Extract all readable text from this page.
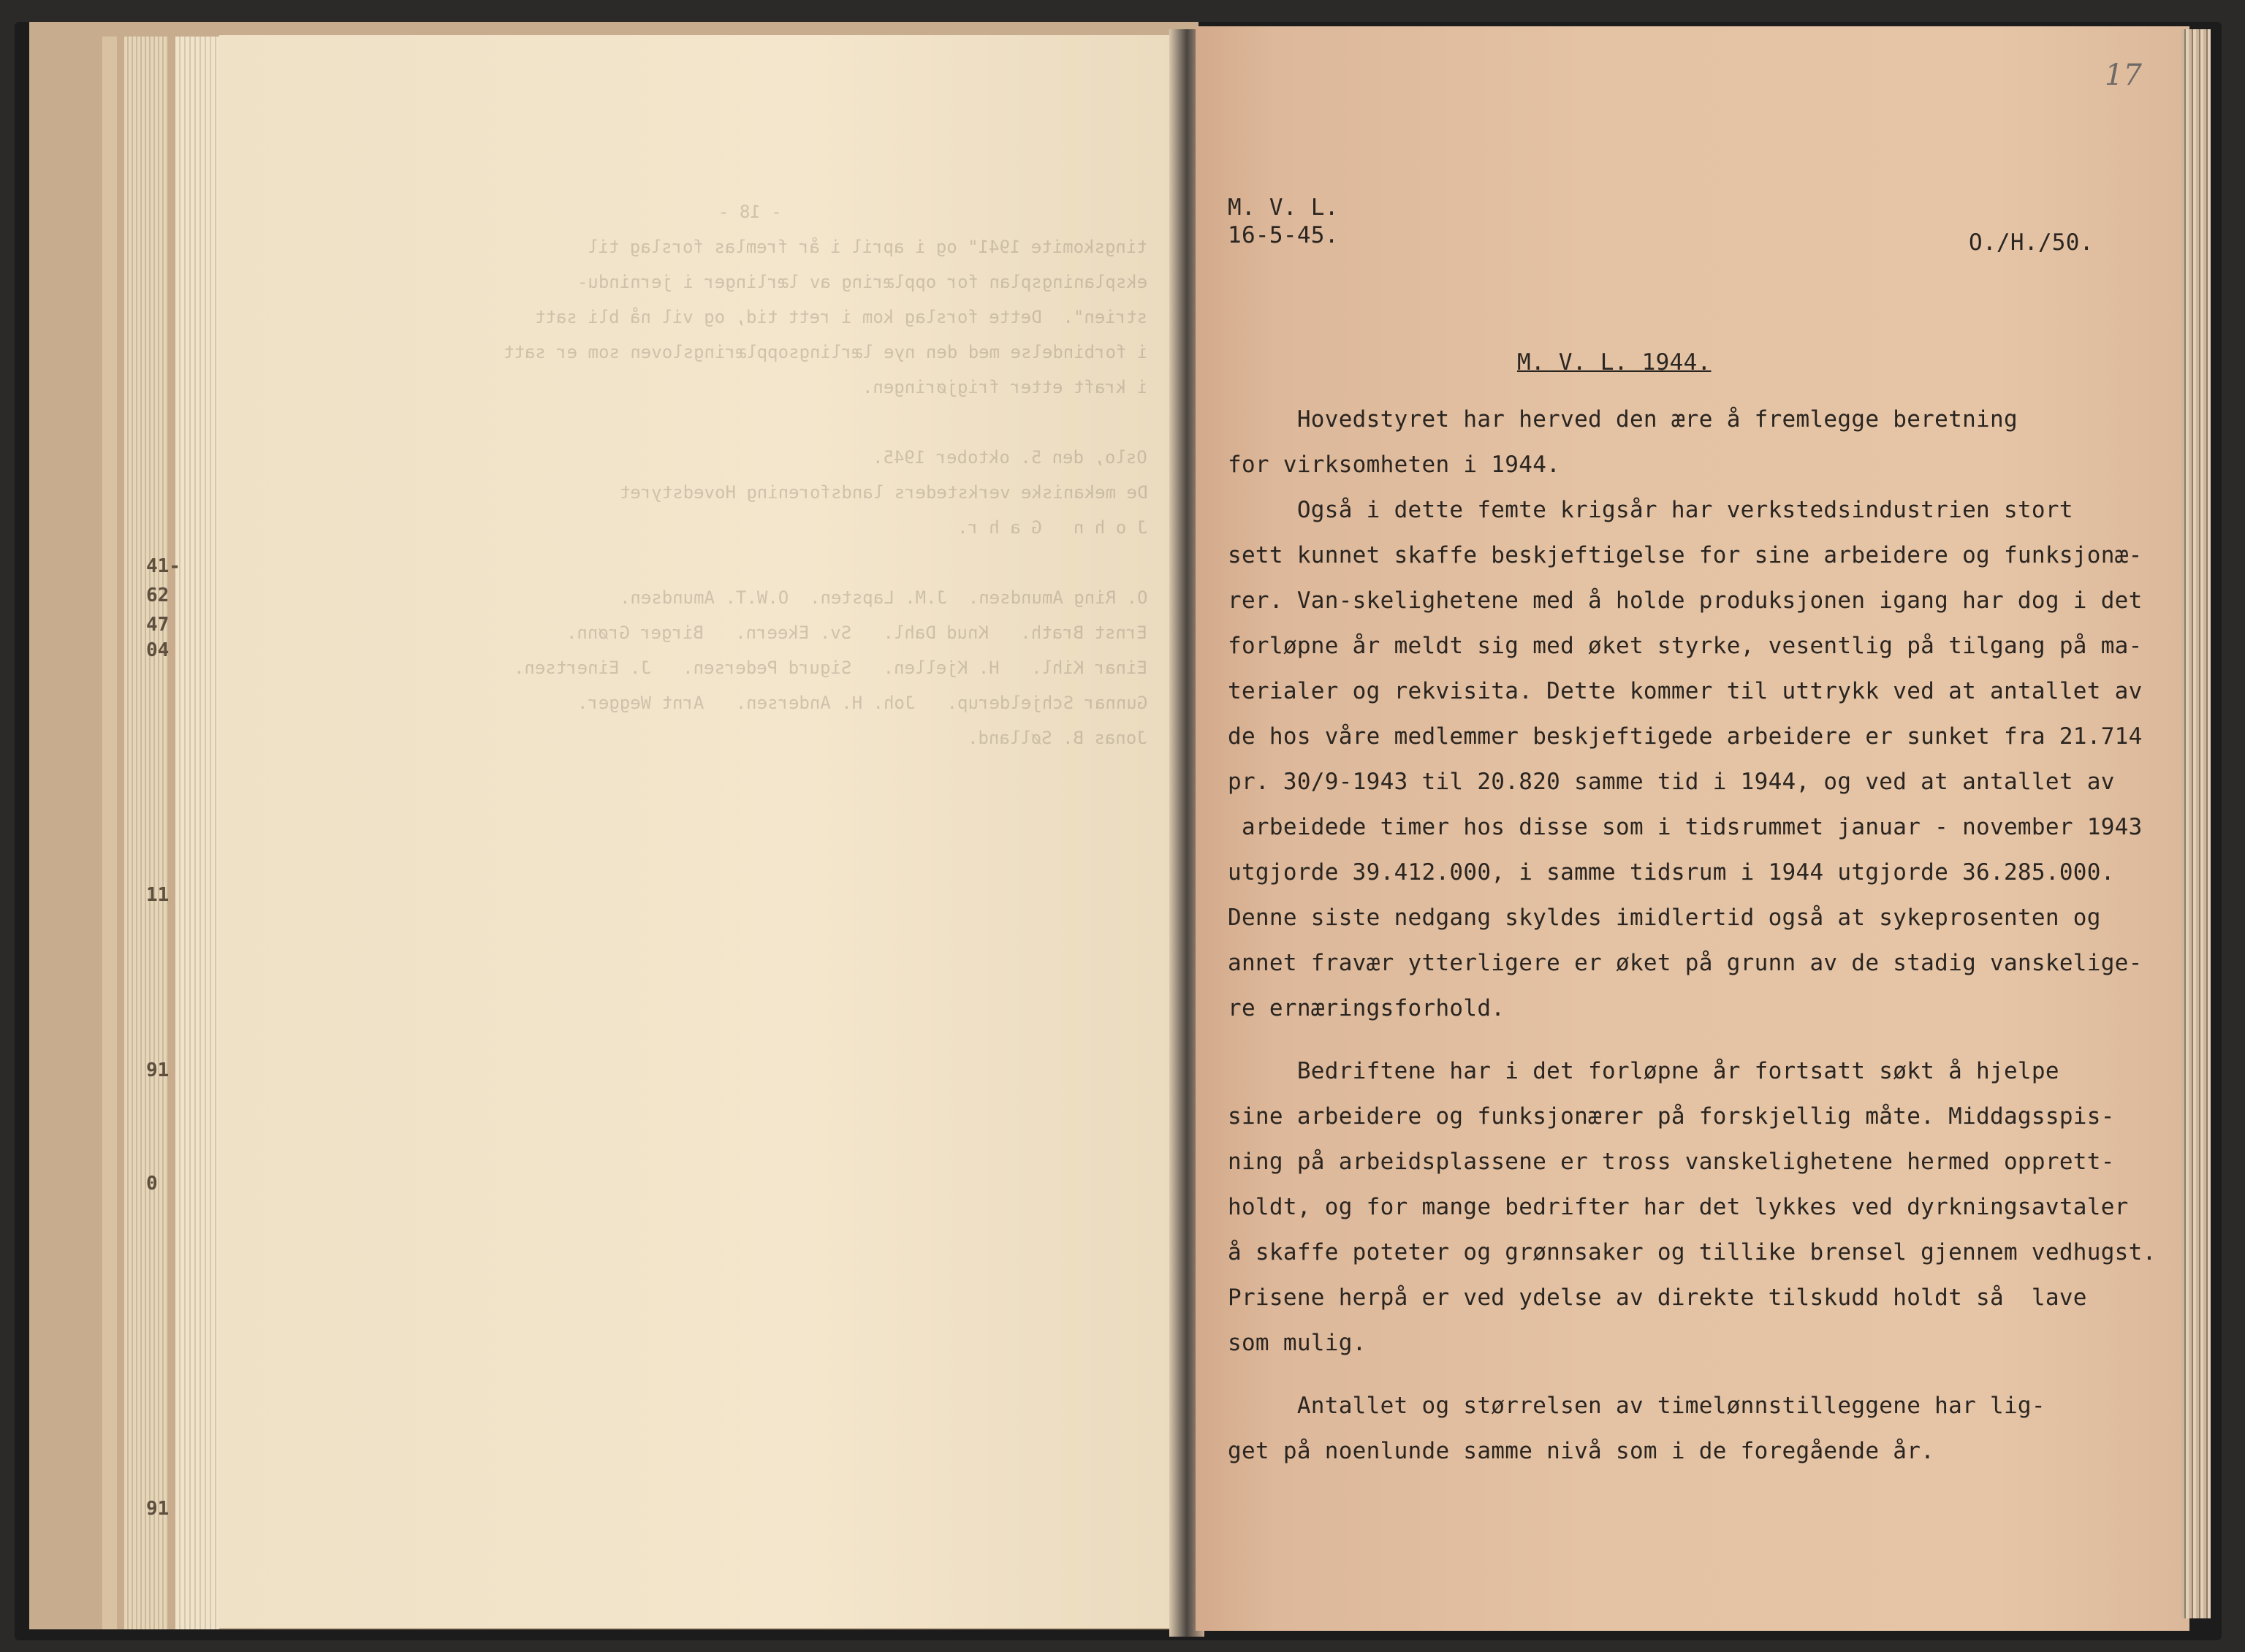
- 18 -
tingskomite 1941" og i april i år fremlas forslag til
eksplaningsplan for opplæring av lærlinger i jernindu-
strien".  Dette forslag kom i rett tid, og vil nå bli satt
i forbindelse med den nye lærlingsopplæringsloven som er satt
i kraft etter frigjøringen.
Oslo, den 5. oktober 1945.
De mekaniske verksteders landsforening Hovedstyret
J o h n   G a h r.
O. Ring Amundsen.  J.M. Lapsten.  O.W.T. Amundsen.
Ernst Brath.   Knud Dahl.   Sv. Ekeern.   Birger Grønn.
Einar Kihl.   H. Kjellen.   Sigurd Pedersen.   J. Einertsen.
Gunnar Schjelderup.   Joh. H. Andersen.   Arnt Wegger.
Jonas B. Sølland.
M. V. L.
16-5-45.	O./H./50.
M. V. L. 1944.
Hovedstyret har herved den ære å fremlegge beretning
for virksomheten i 1944.
Også i dette femte krigsår har verkstedsindustrien stort
sett kunnet skaffe beskjeftigelse for sine arbeidere og funksjonæ-
rer. Van-skelighetene med å holde produksjonen igang har dog i det
forløpne år meldt sig med øket styrke, vesentlig på tilgang på ma-
terialer og rekvisita. Dette kommer til uttrykk ved at antallet av
de hos våre medlemmer beskjeftigede arbeidere er sunket fra 21.714
pr. 30/9-1943 til 20.820 samme tid i 1944, og ved at antallet av
arbeidede timer hos disse som i tidsrummet januar - november 1943
utgjorde 39.412.000, i samme tidsrum i 1944 utgjorde 36.285.000.
Denne siste nedgang skyldes imidlertid også at sykeprosenten og
annet fravær ytterligere er øket på grunn av de stadig vanskelige-
re ernæringsforhold.
Bedriftene har i det forløpne år fortsatt søkt å hjelpe
sine arbeidere og funksjonærer på forskjellig måte. Middagsspis-
ning på arbeidsplassene er tross vanskelighetene hermed opprett-
holdt, og for mange bedrifter har det lykkes ved dyrkningsavtaler
å skaffe poteter og grønnsaker og tillike brensel gjennem vedhugst.
Prisene herpå er ved ydelse av direkte tilskudd holdt så  lave
som mulig.
Antallet og størrelsen av timelønnstilleggene har lig-
get på noenlunde samme nivå som i de foregående år.
17
41-
62
47
04
11
91
0
91
